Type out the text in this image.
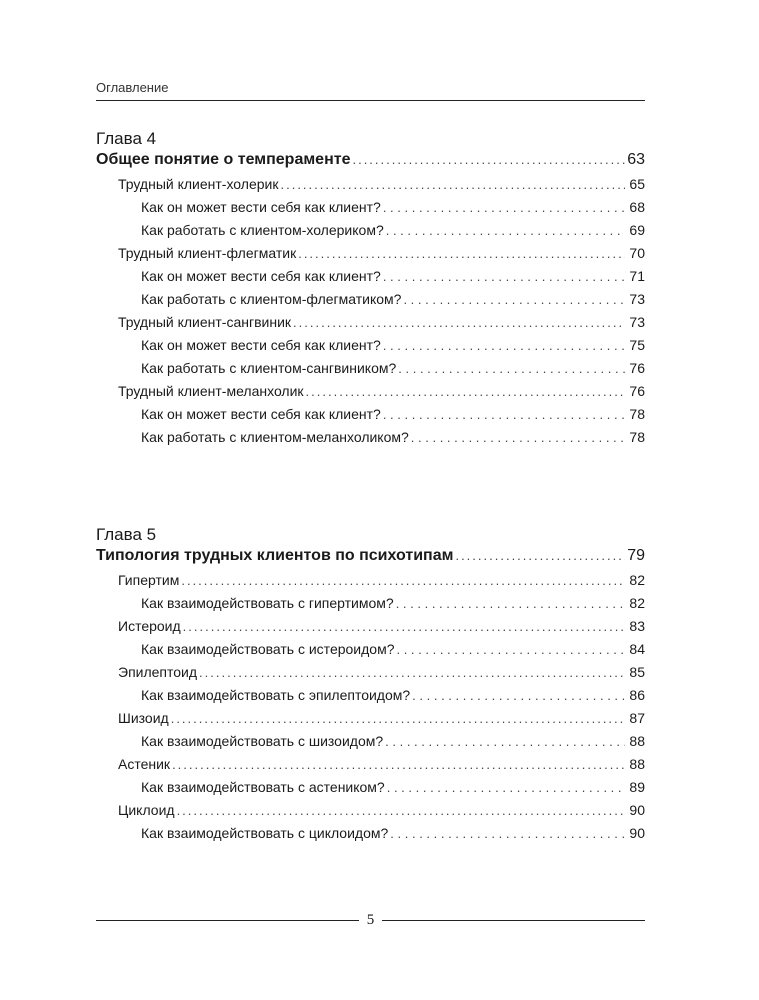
Оглавление
Глава 4
Общее понятие о темпераменте .....	63
Трудный клиент-холерик .....	65
Как он может вести себя как клиент? . . .	68
Как работать с клиентом-холериком? . . .	69
Трудный клиент-флегматик .....	70
Как он может вести себя как клиент? . . .	71
Как работать с клиентом-флегматиком? . . .	73
Трудный клиент-сангвиник .....	73
Как он может вести себя как клиент? . . .	75
Как работать с клиентом-сангвиником? . . .	76
Трудный клиент-меланхолик .....	76
Как он может вести себя как клиент? . . .	78
Как работать с клиентом-меланхоликом? . . .	78
Глава 5
Типология трудных клиентов по психотипам .....	79
Гипертим .....	82
Как взаимодействовать с гипертимом? . . .	82
Истероид .....	83
Как взаимодействовать с истероидом? . . .	84
Эпилептоид .....	85
Как взаимодействовать с эпилептоидом? . . .	86
Шизоид .....	87
Как взаимодействовать с шизоидом? . . .	88
Астеник .....	88
Как взаимодействовать с астеником? . . .	89
Циклоид .....	90
Как взаимодействовать с циклоидом? . . .	90
5
